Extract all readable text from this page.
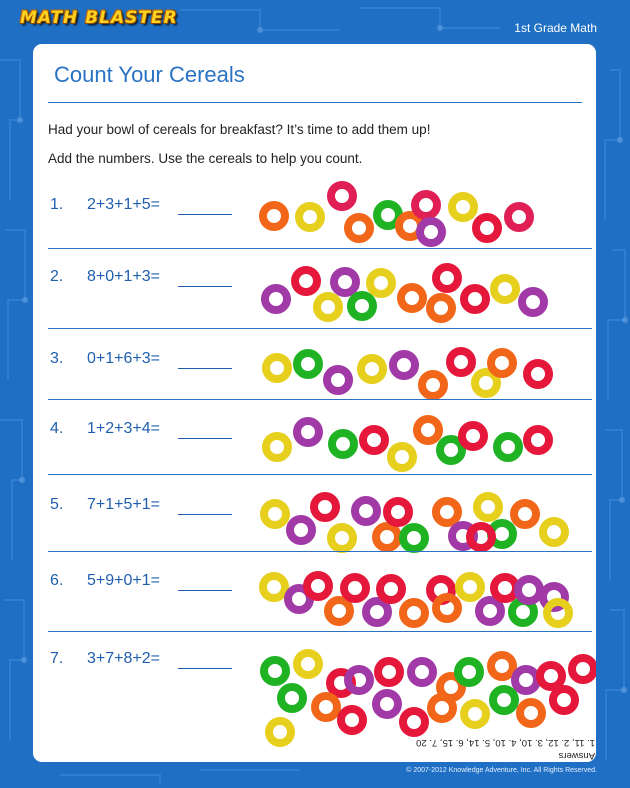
MATH BLASTER	1st Grade Math
Count Your Cereals
Had your bowl of cereals for breakfast? It’s time to add them up!
Add the numbers. Use the cereals to help you count.
1. 2+3+1+5=
2. 8+0+1+3=
3. 0+1+6+3=
4. 1+2+3+4=
5. 7+1+5+1=
6. 5+9+0+1=
7. 3+7+8+2=
Answers
1. 11, 2. 12, 3. 10, 4. 10, 5. 14, 6. 15, 7. 20
© 2007-2012 Knowledge Adventure, Inc. All Rights Reserved.
